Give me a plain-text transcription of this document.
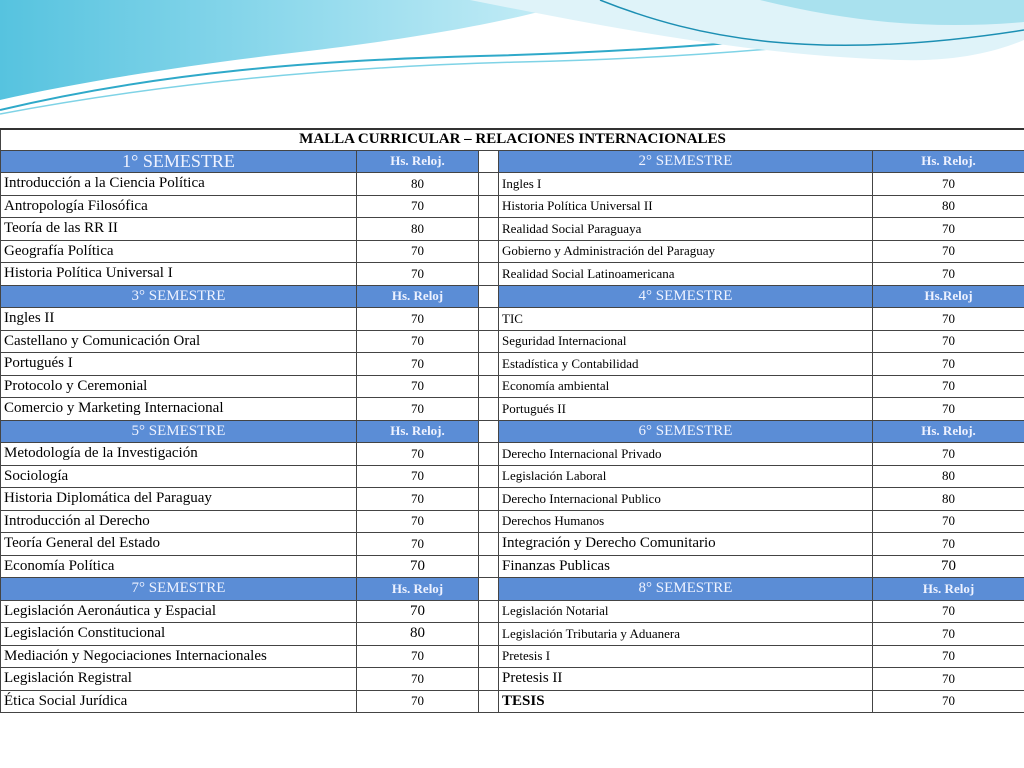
MALLA CURRICULAR – RELACIONES INTERNACIONALES				
1° SEMESTRE	Hs. Reloj.		2° SEMESTRE	Hs. Reloj.
Introducción a la Ciencia Política	80		Ingles I	70
Antropología Filosófica	70		Historia Política Universal II	80
Teoría de las RR II	80		Realidad Social Paraguaya	70
Geografía Política	70		Gobierno y Administración del Paraguay	70
Historia Política Universal I	70		Realidad Social Latinoamericana	70
3° SEMESTRE	Hs. Reloj		4° SEMESTRE	Hs.Reloj
Ingles II	70		TIC	70
Castellano y Comunicación Oral	70		Seguridad Internacional	70
Portugués I	70		Estadística y Contabilidad	70
Protocolo y Ceremonial	70		Economía ambiental	70
Comercio y Marketing Internacional	70		Portugués II	70
5° SEMESTRE	Hs. Reloj.		6° SEMESTRE	Hs. Reloj.
Metodología de la Investigación	70		Derecho Internacional Privado	70
Sociología	70		Legislación Laboral	80
Historia Diplomática del Paraguay	70		Derecho Internacional Publico	80
Introducción al Derecho	70		Derechos Humanos	70
Teoría General del Estado	70		Integración y Derecho Comunitario	70
Economía Política	70		Finanzas Publicas	70
7° SEMESTRE	Hs. Reloj		8° SEMESTRE	Hs. Reloj
Legislación Aeronáutica y Espacial	70		Legislación Notarial	70
Legislación Constitucional	80		Legislación Tributaria y Aduanera	70
Mediación y Negociaciones Internacionales	70		Pretesis I	70
Legislación Registral	70		Pretesis II	70
Ética Social Jurídica	70		TESIS	70
